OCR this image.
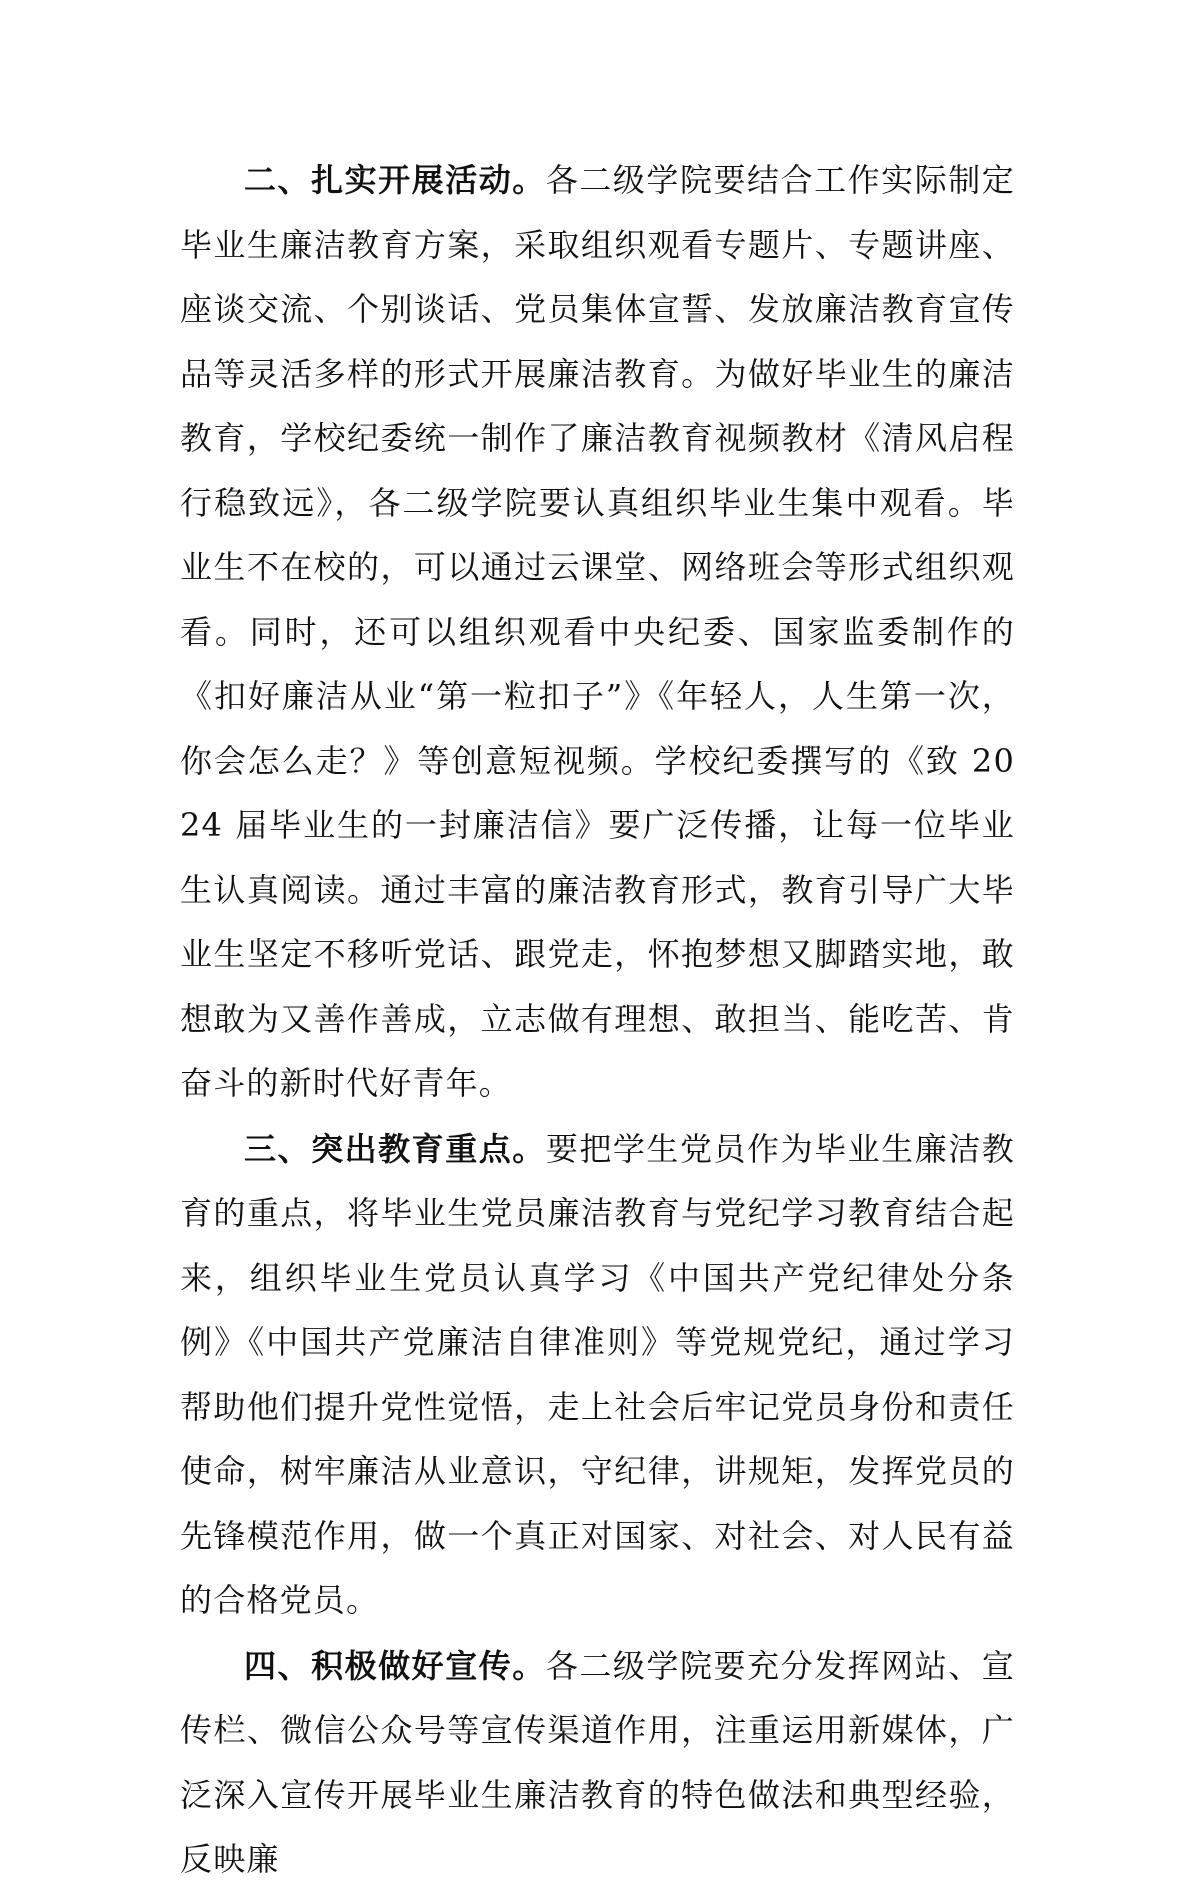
二、扎实开展活动。各二级学院要结合工作实际制定毕业生廉洁教育方案，采取组织观看专题片、专题讲座、座谈交流、个别谈话、党员集体宣誓、发放廉洁教育宣传品等灵活多样的形式开展廉洁教育。为做好毕业生的廉洁教育，学校纪委统一制作了廉洁教育视频教材《清风启程 行稳致远》，各二级学院要认真组织毕业生集中观看。毕业生不在校的，可以通过云课堂、网络班会等形式组织观看。同时，还可以组织观看中央纪委、国家监委制作的《扣好廉洁从业“第一粒扣子”》《年轻人，人生第一次，你会怎么走？》等创意短视频。学校纪委撰写的《致 2024 届毕业生的一封廉洁信》要广泛传播，让每一位毕业生认真阅读。通过丰富的廉洁教育形式，教育引导广大毕业生坚定不移听党话、跟党走，怀抱梦想又脚踏实地，敢想敢为又善作善成，立志做有理想、敢担当、能吃苦、肯奋斗的新时代好青年。

三、突出教育重点。要把学生党员作为毕业生廉洁教育的重点，将毕业生党员廉洁教育与党纪学习教育结合起来，组织毕业生党员认真学习《中国共产党纪律处分条例》《中国共产党廉洁自律准则》等党规党纪，通过学习帮助他们提升党性觉悟，走上社会后牢记党员身份和责任使命，树牢廉洁从业意识，守纪律，讲规矩，发挥党员的先锋模范作用，做一个真正对国家、对社会、对人民有益的合格党员。

四、积极做好宣传。各二级学院要充分发挥网站、宣传栏、微信公众号等宣传渠道作用，注重运用新媒体，广泛深入宣传开展毕业生廉洁教育的特色做法和典型经验，反映廉
